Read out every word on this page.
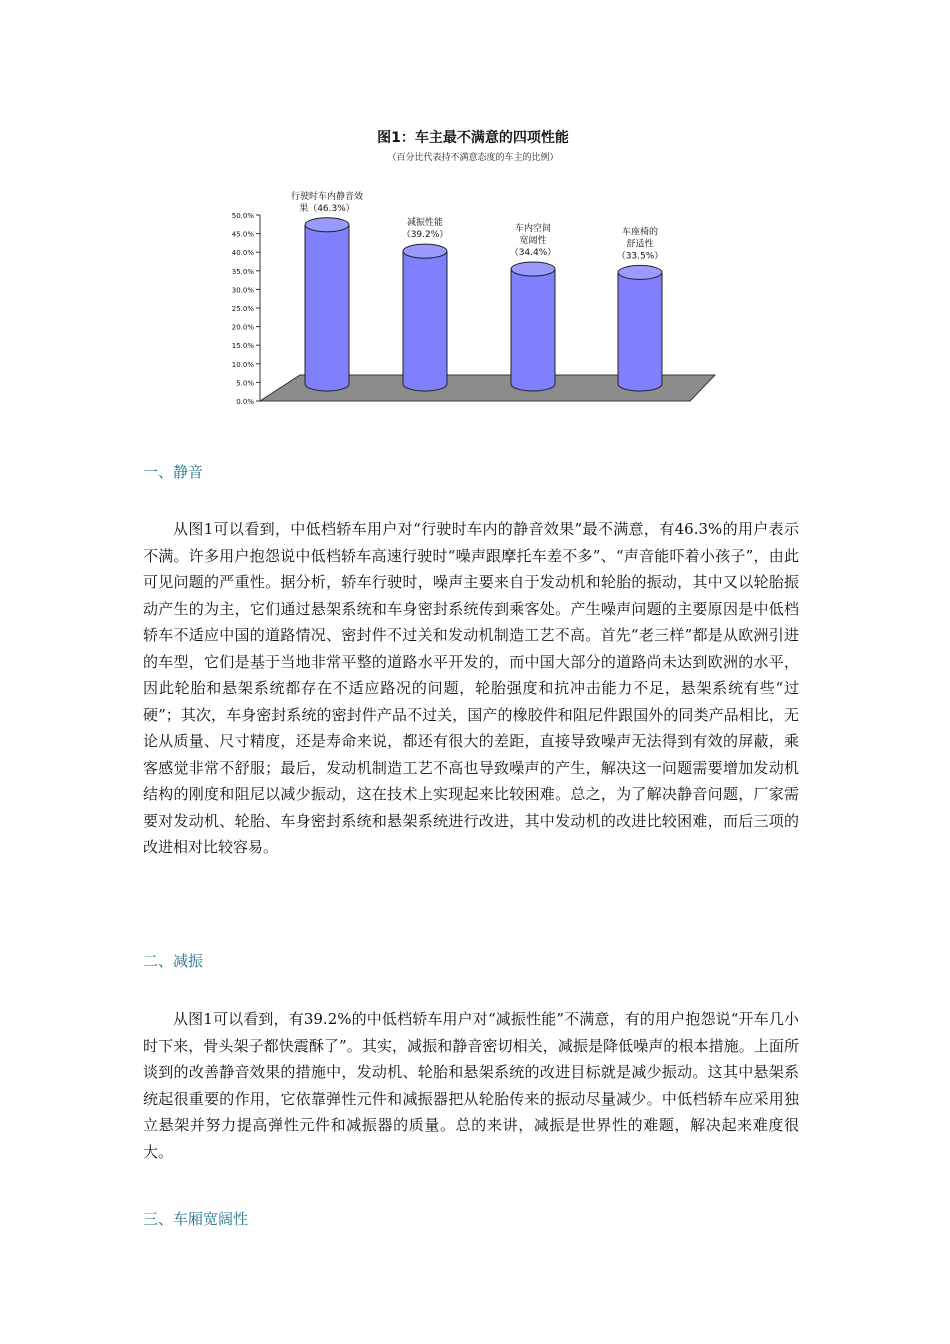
图1：车主最不满意的四项性能
（百分比代表持不满意态度的车主的比例）
0.0%
5.0%
10.0%
15.0%
20.0%
25.0%
30.0%
35.0%
40.0%
45.0%
50.0%
行驶时车内静音效
果（46.3%）
减振性能
（39.2%）
车内空间
宽阔性
（34.4%）
车座椅的
舒适性
（33.5%）
一、静音

从图1可以看到，中低档轿车用户对“行驶时车内的静音效果”最不满意，有46.3%的用户表示不满。许多用户抱怨说中低档轿车高速行驶时“噪声跟摩托车差不多”、“声音能吓着小孩子”，由此可见问题的严重性。据分析，轿车行驶时，噪声主要来自于发动机和轮胎的振动，其中又以轮胎振动产生的为主，它们通过悬架系统和车身密封系统传到乘客处。产生噪声问题的主要原因是中低档轿车不适应中国的道路情况、密封件不过关和发动机制造工艺不高。首先“老三样”都是从欧洲引进的车型，它们是基于当地非常平整的道路水平开发的，而中国大部分的道路尚未达到欧洲的水平，因此轮胎和悬架系统都存在不适应路况的问题，轮胎强度和抗冲击能力不足，悬架系统有些“过硬”；其次，车身密封系统的密封件产品不过关，国产的橡胶件和阻尼件跟国外的同类产品相比，无论从质量、尺寸精度，还是寿命来说，都还有很大的差距，直接导致噪声无法得到有效的屏蔽，乘客感觉非常不舒服；最后，发动机制造工艺不高也导致噪声的产生，解决这一问题需要增加发动机结构的刚度和阻尼以减少振动，这在技术上实现起来比较困难。总之，为了解决静音问题，厂家需要对发动机、轮胎、车身密封系统和悬架系统进行改进，其中发动机的改进比较困难，而后三项的改进相对比较容易。

二、减振

从图1可以看到，有39.2%的中低档轿车用户对“减振性能”不满意，有的用户抱怨说“开车几小时下来，骨头架子都快震酥了”。其实，减振和静音密切相关，减振是降低噪声的根本措施。上面所谈到的改善静音效果的措施中，发动机、轮胎和悬架系统的改进目标就是减少振动。这其中悬架系统起很重要的作用，它依靠弹性元件和减振器把从轮胎传来的振动尽量减少。中低档轿车应采用独立悬架并努力提高弹性元件和减振器的质量。总的来讲，减振是世界性的难题，解决起来难度很大。

三、车厢宽阔性
